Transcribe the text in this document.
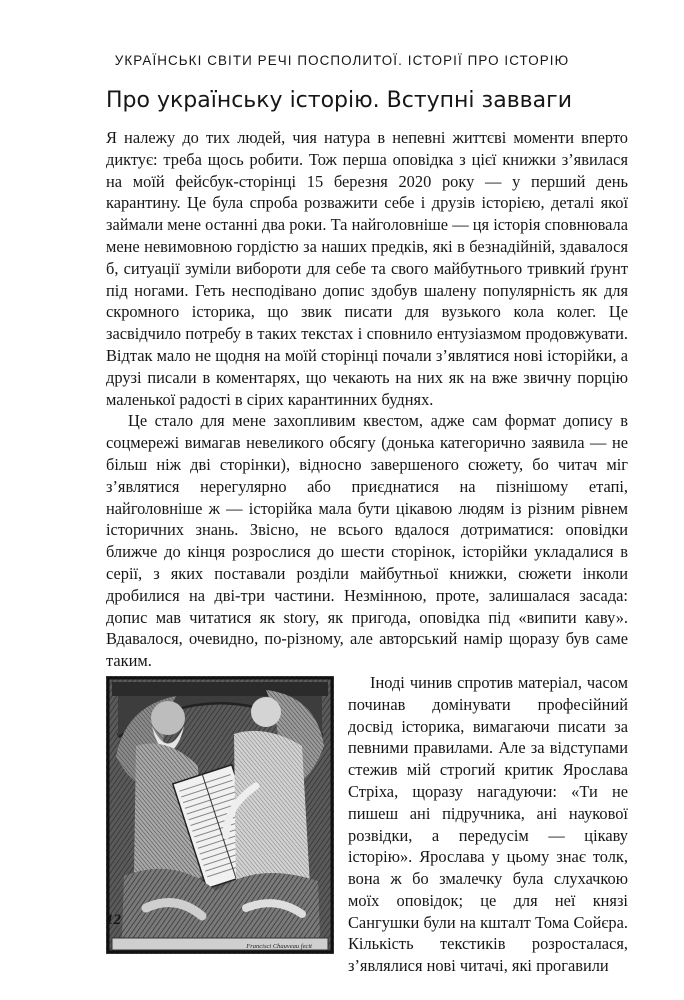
УКРАЇНСЬКІ СВІТИ РЕЧІ ПОСПОЛИТОЇ. ІСТОРІЇ ПРО ІСТОРІЮ
Про українську історію. Вступні завваги

Я належу до тих людей, чия натура в непевні життєві моменти вперто диктує: треба щось робити. Тож перша оповідка з цієї книжки з’явилася на моїй фейсбук-сторінці 15 березня 2020 року — у перший день карантину. Це була спроба розважити себе і друзів історією, деталі якої займали мене останні два роки. Та найголовніше — ця історія сповнювала мене невимовною гордістю за наших предків, які в безнадійній, здавалося б, ситуації зуміли вибороти для себе та свого майбутнього тривкий ґрунт під ногами. Геть несподівано допис здобув шалену популярність як для скромного історика, що звик писати для вузького кола колег. Це засвідчило потребу в таких текстах і сповнило ентузіазмом продовжувати. Відтак мало не щодня на моїй сторінці почали з’являтися нові історійки, а друзі писали в коментарях, що чекають на них як на вже звичну порцію маленької радості в сірих карантинних буднях.

Це стало для мене захопливим квестом, адже сам формат допису в соцмережі вимагав невеликого обсягу (донька категорично заявила — не більш ніж дві сторінки), відносно завершеного сюжету, бо читач міг з’являтися нерегулярно або приєднатися на пізнішому етапі, найголовніше ж — історійка мала бути цікавою людям із різним рівнем історичних знань. Звісно, не всього вдалося дотриматися: оповідки ближче до кінця розрослися до шести сторінок, історійки укладалися в серії, з яких поставали розділи майбутньої книжки, сюжети інколи дробилися на дві-три частини. Незмінною, проте, залишалася засада: допис мав читатися як story, як пригода, оповідка під «випити каву». Вдавалося, очевидно, по-різному, але авторський намір щоразу був саме таким.

Francisci Chauveau fecit

Іноді чинив спротив матеріал, часом починав домінувати професійний досвід історика, вимагаючи писати за певними правилами. Але за відступами стежив мій строгий критик Ярослава Стріха, щоразу нагадуючи: «Ти не пишеш ані підручника, ані наукової розвідки, а передусім — цікаву історію». Ярослава у цьому знає толк, вона ж бо змалечку була слухачкою моїх оповідок; це для неї князі Сангушки були на кшталт Тома Сойєра. Кількість текстиків розросталася, з’являлися нові читачі, які прогавили

12
